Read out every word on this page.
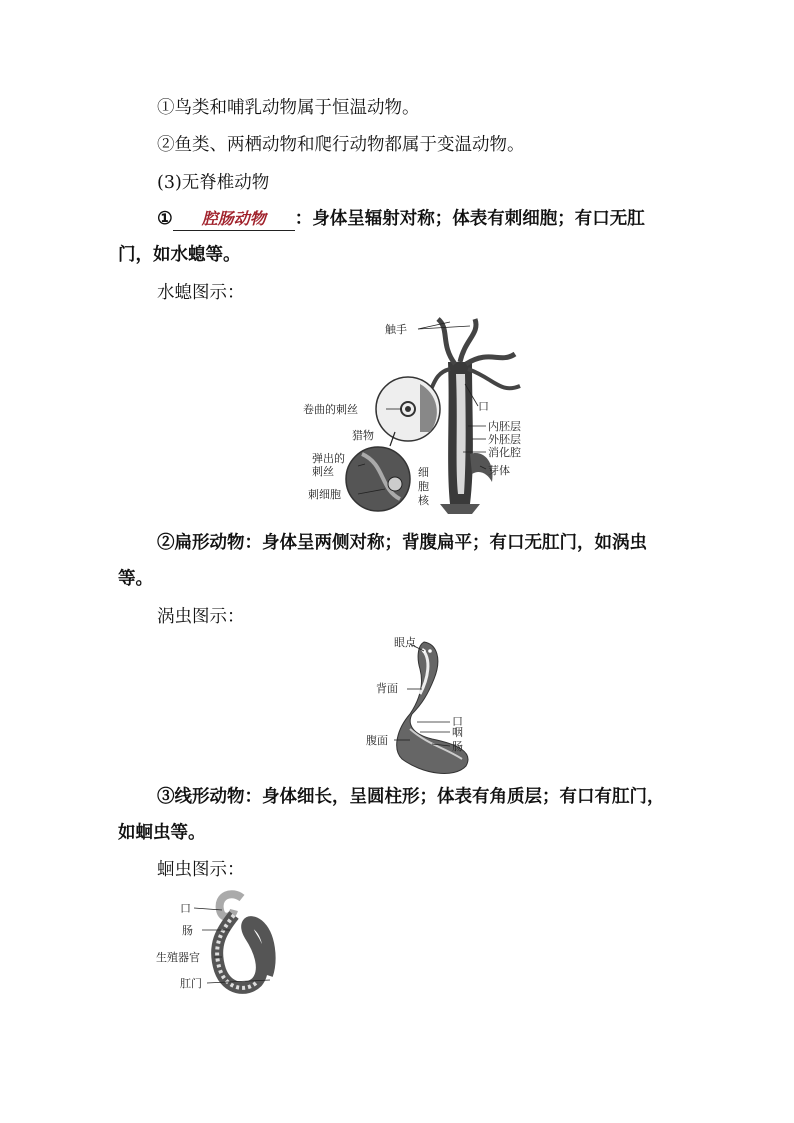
①鸟类和哺乳动物属于恒温动物。
②鱼类、两栖动物和爬行动物都属于变温动物。
(3)无脊椎动物
① 腔肠动物 ：身体呈辐射对称；体表有刺细胞；有口无肛
门，如水螅等。
水螅图示：
触手
卷曲的刺丝	口
猎物
内胚层
外胚层
消化腔
弹出的
刺丝	芽体
细
胞
核
刺细胞
②扁形动物：身体呈两侧对称；背腹扁平；有口无肛门，如涡虫
等。
涡虫图示：
眼点
背面
口
咽
腹面	肠
③线形动物：身体细长，呈圆柱形；体表有角质层；有口有肛门，
如蛔虫等。
蛔虫图示：
口
肠
生殖器官
肛门
